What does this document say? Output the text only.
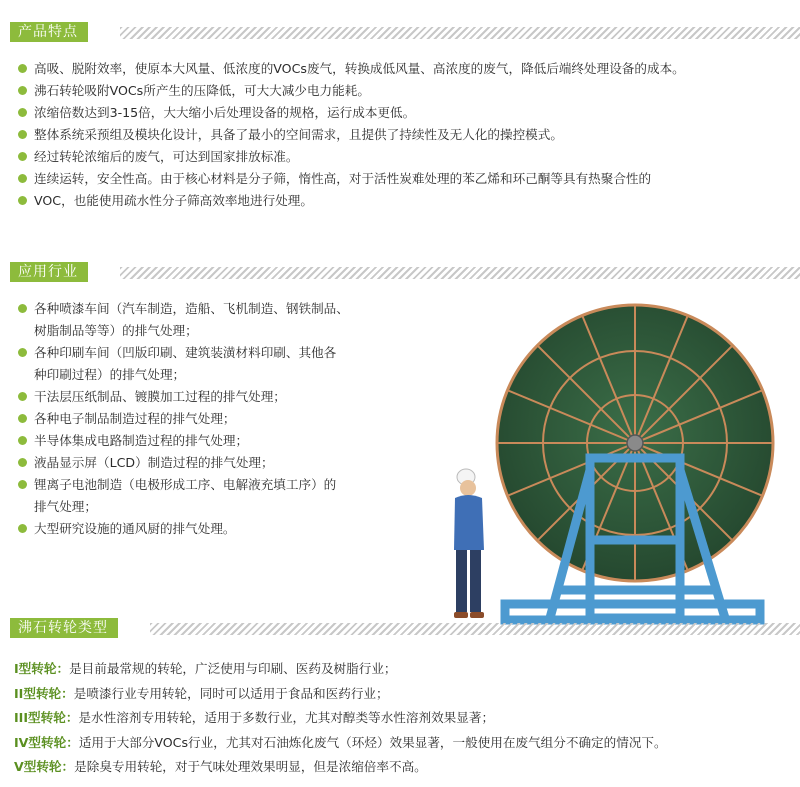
产品特点
高吸、脱附效率，使原本大风量、低浓度的VOCs废气，转换成低风量、高浓度的废气，降低后端终处理设备的成本。
沸石转轮吸附VOCs所产生的压降低，可大大减少电力能耗。
浓缩倍数达到3-15倍，大大缩小后处理设备的规格，运行成本更低。
整体系统采预组及模块化设计，具备了最小的空间需求，且提供了持续性及无人化的操控模式。
经过转轮浓缩后的废气，可达到国家排放标准。
连续运转，安全性高。由于核心材料是分子筛，惰性高，对于活性炭难处理的苯乙烯和环己酮等具有热聚合性的
VOC，也能使用疏水性分子筛高效率地进行处理。
应用行业
各种喷漆车间（汽车制造，造船、飞机制造、钢铁制品、
树脂制品等等）的排气处理；
各种印刷车间（凹版印刷、建筑装潢材料印刷、其他各
种印刷过程）的排气处理；
干法层压纸制品、镀膜加工过程的排气处理；
各种电子制品制造过程的排气处理；
半导体集成电路制造过程的排气处理；
液晶显示屏（LCD）制造过程的排气处理；
锂离子电池制造（电极形成工序、电解液充填工序）的
排气处理；
大型研究设施的通风厨的排气处理。
沸石转轮类型
I型转轮：是目前最常规的转轮，广泛使用与印刷、医药及树脂行业；
II型转轮：是喷漆行业专用转轮，同时可以适用于食品和医药行业；
III型转轮：是水性溶剂专用转轮，适用于多数行业，尤其对醇类等水性溶剂效果显著；
IV型转轮：适用于大部分VOCs行业，尤其对石油炼化废气（环烃）效果显著，一般使用在废气组分不确定的情况下。
V型转轮：是除臭专用转轮，对于气味处理效果明显，但是浓缩倍率不高。
